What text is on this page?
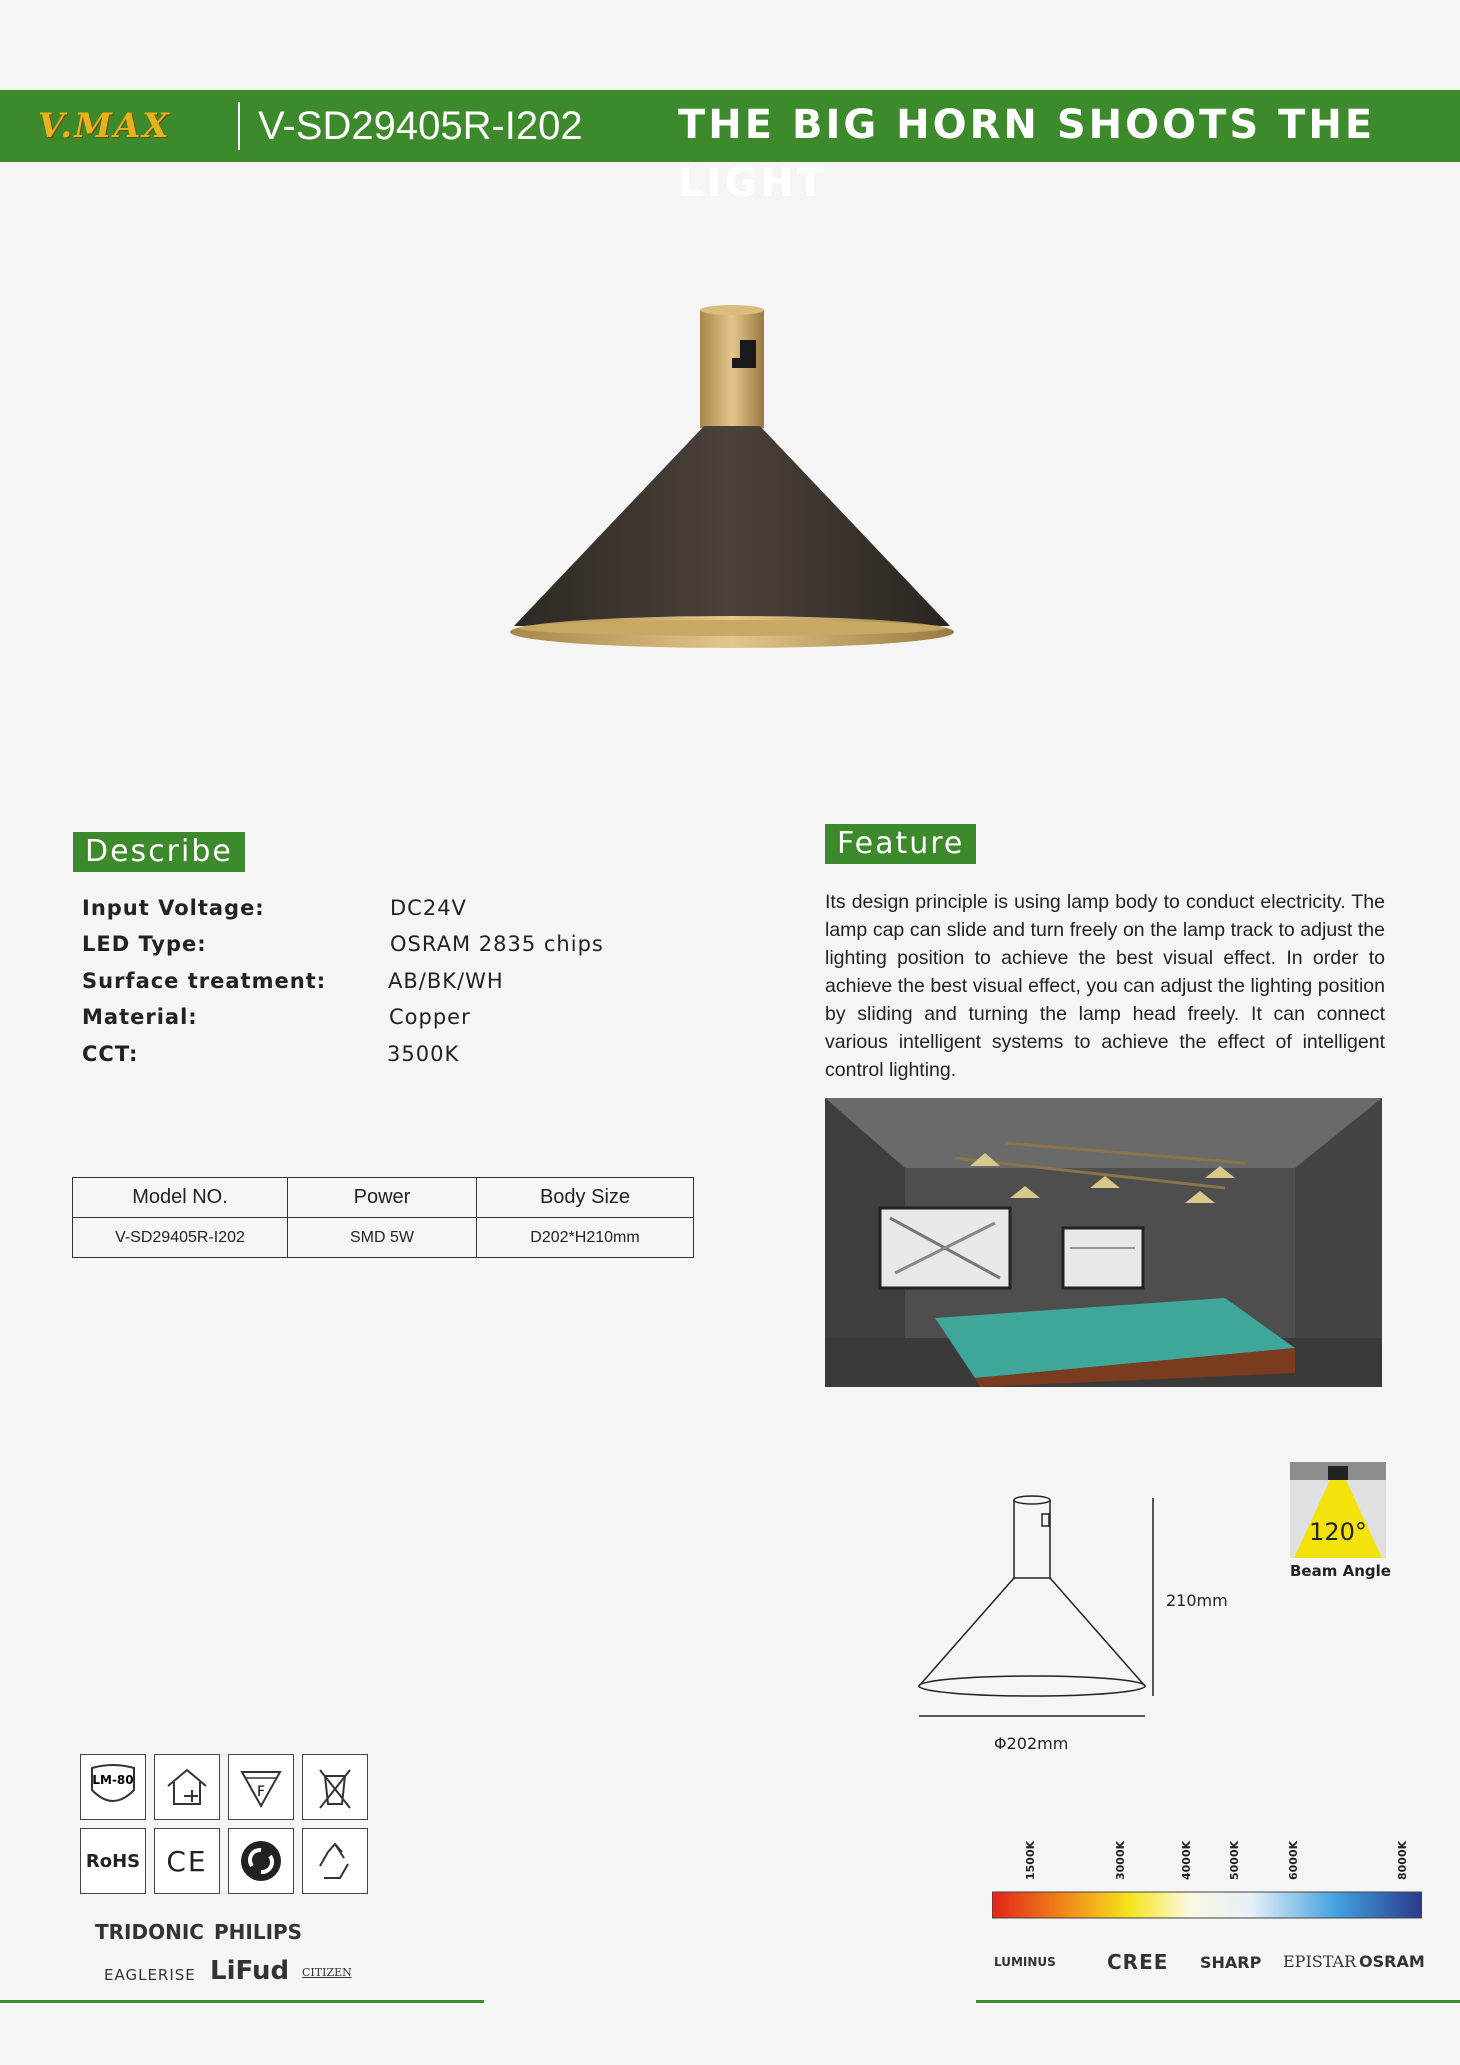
V.MAX V-SD29405R-I202 THE BIG HORN SHOOTS THE LIGHT
Describe
Input Voltage:	DC24V
LED Type:	OSRAM 2835 chips
Surface treatment:	AB/BK/WH
Material:	Copper
CCT:	3500K
Model NO.	Power	Body Size
V-SD29405R-I202	SMD 5W	D202*H210mm
Feature
Its design principle is using lamp body to conduct electricity. The lamp cap can slide and turn freely on the lamp track to adjust the lighting position to achieve the best visual effect. In order to achieve the best visual effect, you can adjust the lighting position by sliding and turning the lamp head freely. It can connect various intelligent systems to achieve the effect of intelligent control lighting.
120°
Beam Angle
210mm
Φ202mm
LM-80
F
RoHS CE
TRIDONIC PHILIPS
EAGLERISE LiFud CITIZEN
1500K	3000K	4000K	5000K	6000K	8000K
LUMINUS	CREE SHARP EPISTAR OSRAM
